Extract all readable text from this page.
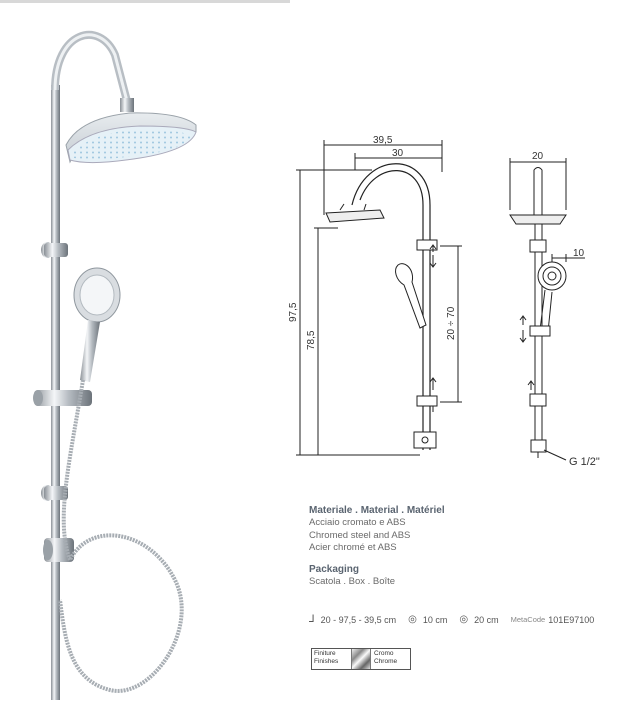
39,5
30
97,5
78,5
20 ÷ 70
20
10
G 1/2"
Materiale . Material . Matériel
Acciaio cromato e ABS
Chromed steel and ABS
Acier chromé et ABS
Packaging
Scatola . Box . Boîte
⅃ 20 - 97,5 - 39,5 cm ◎ 10 cm ◎ 20 cm MetaCode 101E97100
Finiture
Finishes
Cromo
Chrome
